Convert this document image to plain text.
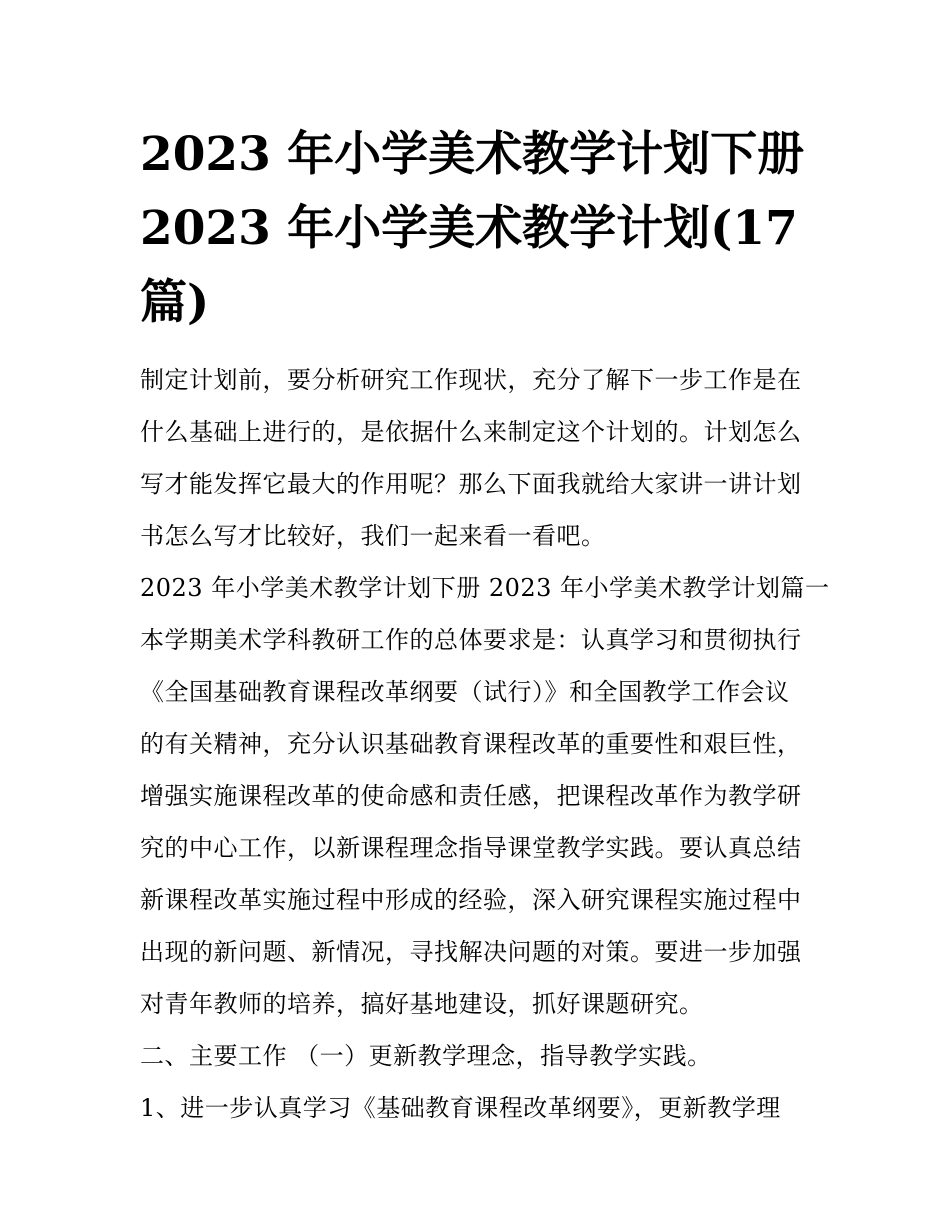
2023 年小学美术教学计划下册
2023 年小学美术教学计划(17
篇)
制定计划前，要分析研究工作现状，充分了解下一步工作是在
什么基础上进行的，是依据什么来制定这个计划的。计划怎么
写才能发挥它最大的作用呢？那么下面我就给大家讲一讲计划
书怎么写才比较好，我们一起来看一看吧。
2023 年小学美术教学计划下册 2023 年小学美术教学计划篇一
本学期美术学科教研工作的总体要求是：认真学习和贯彻执行
《全国基础教育课程改革纲要（试行）》和全国教学工作会议
的有关精神，充分认识基础教育课程改革的重要性和艰巨性，
增强实施课程改革的使命感和责任感，把课程改革作为教学研
究的中心工作，以新课程理念指导课堂教学实践。要认真总结
新课程改革实施过程中形成的经验，深入研究课程实施过程中
出现的新问题、新情况，寻找解决问题的对策。要进一步加强
对青年教师的培养，搞好基地建设，抓好课题研究。
二、主要工作 （一）更新教学理念，指导教学实践。
1、进一步认真学习《基础教育课程改革纲要》，更新教学理
